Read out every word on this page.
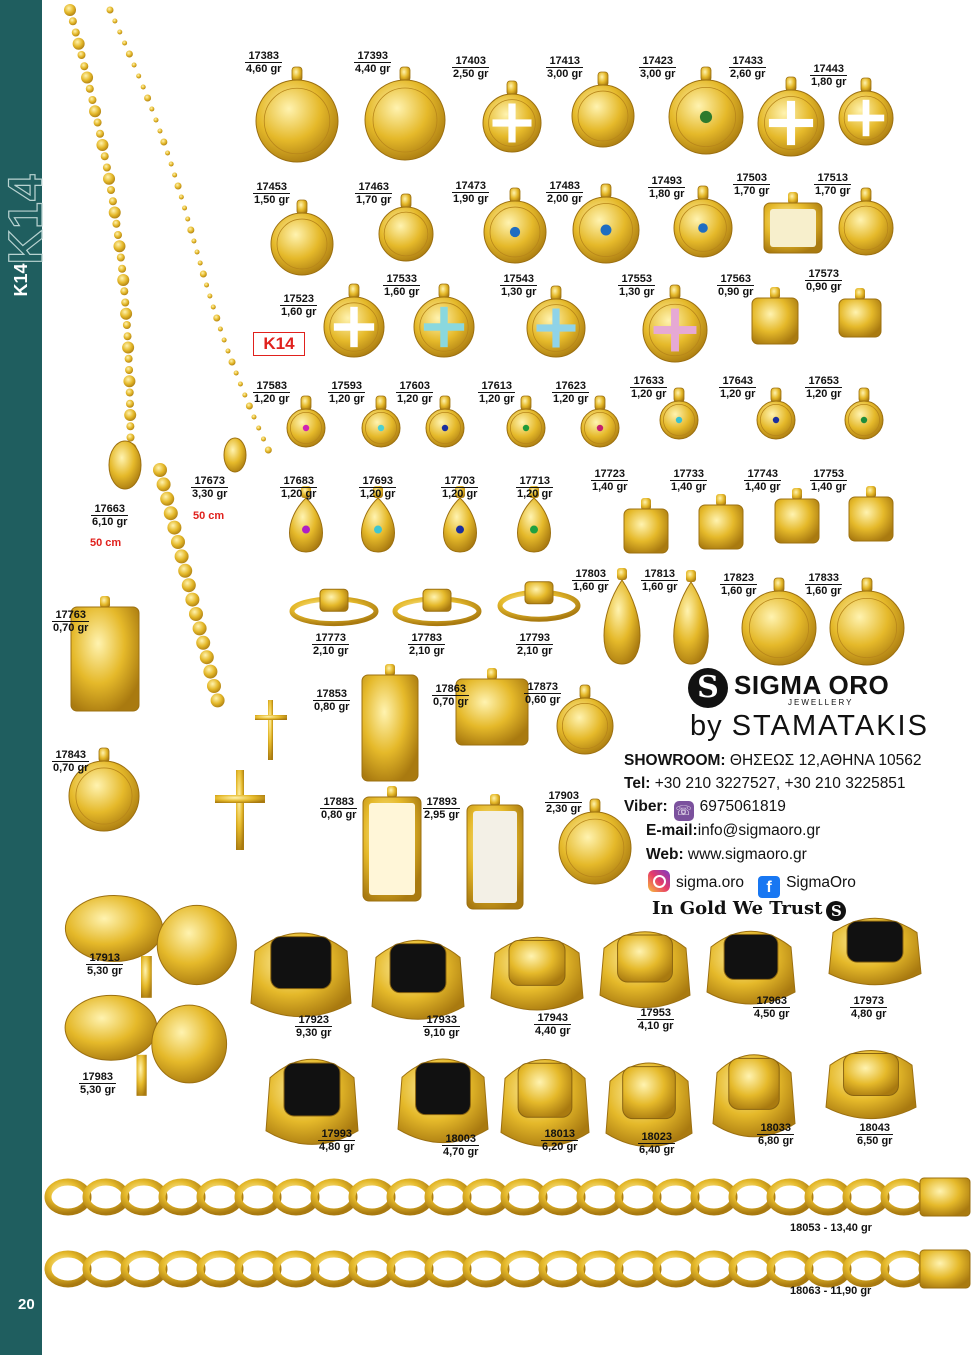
K14
K14
20
17383
4,60 gr
17393
4,40 gr
17403
2,50 gr
17413
3,00 gr
17423
3,00 gr
17433
2,60 gr	17443
1,80 gr
17453
1,50 gr
17463
1,70 gr
17473
1,90 gr
17483
2,00 gr
17493
1,80 gr
17503
1,70 gr
17513
1,70 gr
17523
1,60 gr
17533
1,60 gr
17543
1,30 gr
17553
1,30 gr
17563
0,90 gr
17573
0,90 gr
17583
1,20 gr
17593
1,20 gr
17603
1,20 gr
17613
1,20 gr
17623
1,20 gr
17633
1,20 gr
17643
1,20 gr
17653
1,20 gr
17663
6,10 gr
17673
3,30 gr
17683
1,20 gr
17693
1,20 gr
17703
1,20 gr
17713
1,20 gr
17723
1,40 gr
17733
1,40 gr
17743
1,40 gr
17753
1,40 gr
17763
0,70 gr
17773
2,10 gr
17783
2,10 gr
17793
2,10 gr
17803
1,60 gr
17813
1,60 gr
17823
1,60 gr
17833
1,60 gr
17843
0,70 gr
17853
0,80 gr
17863
0,70 gr
17873
0,60 gr
17883
0,80 gr
17893
2,95 gr
17903
2,30 gr
17913
5,30 gr
17923
9,30 gr
17933
9,10 gr
17943
4,40 gr
17953
4,10 gr
17963
4,50 gr
17973
4,80 gr
17983
5,30 gr
17993
4,80 gr
18003
4,70 gr
18013
6,20 gr
18023
6,40 gr
18033
6,80 gr
18043
6,50 gr
K14
50 cm
50 cm
S SIGMA ORO
JEWELLERY
by STAMATAKIS
SHOWROOM: ΘΗΣΕΩΣ 12,ΑΘΗΝΑ 10562
Tel: +30 210 3227527, +30 210 3225851
Viber: ☏ 6975061819
E-mail:info@sigmaoro.gr
Web: www.sigmaoro.gr
sigma.oro f SigmaOro
In Gold We Trust S
18053 - 13,40 gr
18063 - 11,90 gr
